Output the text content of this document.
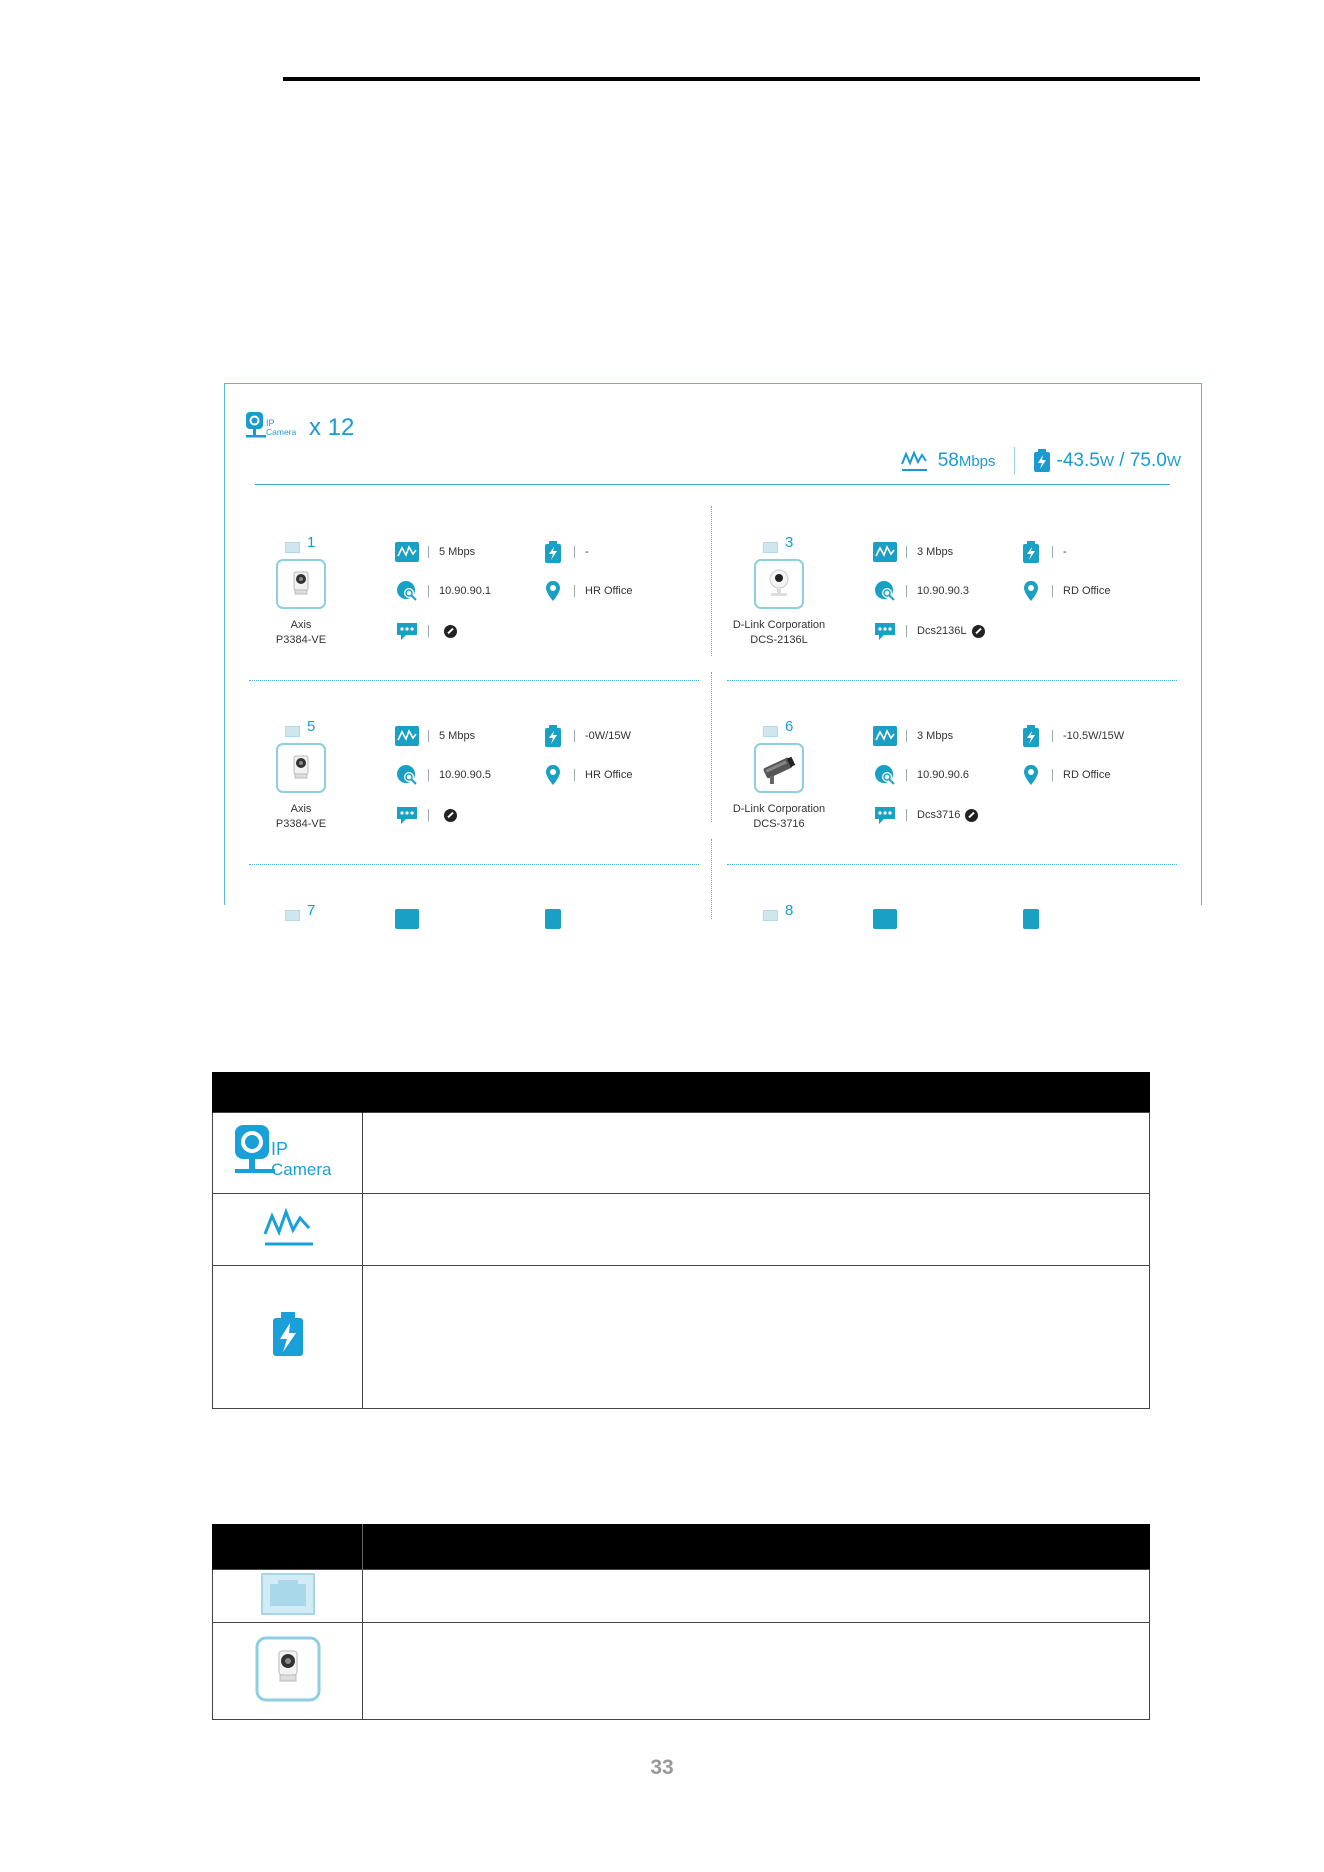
IP
Camera x 12
58 Mbps	-43.5 W / 75.0 W
1
Axis
P3384-VE
5 Mbps	-
10.90.90.1	HR Office
3
D-Link Corporation
DCS-2136L
3 Mbps	-
10.90.90.3	RD Office
Dcs2136L
5
Axis
P3384-VE
5 Mbps	-0W/15W
10.90.90.5	HR Office
6
D-Link Corporation
DCS-3716
3 Mbps	-10.5W/15W
10.90.90.6	RD Office
Dcs3716
7	8

IP
Camera	

33
